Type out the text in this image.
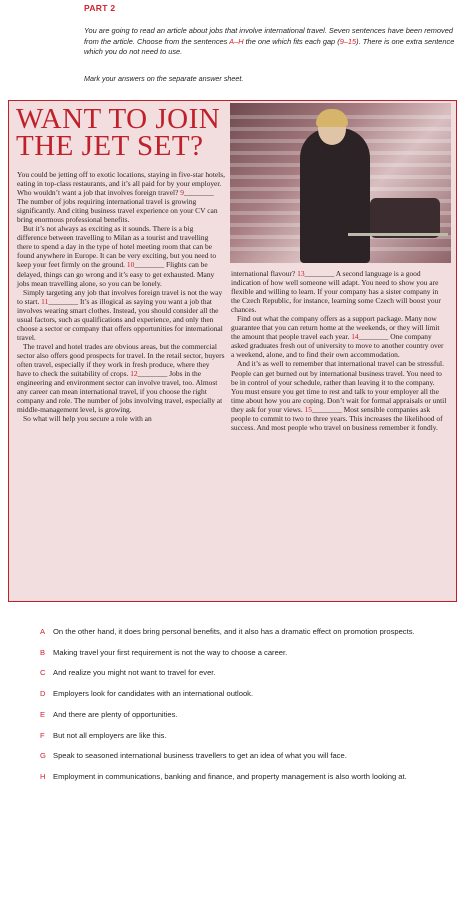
PART 2
You are going to read an article about jobs that involve international travel. Seven sentences have been removed from the article. Choose from the sentences A–H the one which fits each gap (9–15). There is one extra sentence which you do not need to use.
Mark your answers on the separate answer sheet.
WANT TO JOIN THE JET SET?

You could be jetting off to exotic locations, staying in five-star hotels, eating in top-class restaurants, and it’s all paid for by your employer. Who wouldn’t want a job that involves foreign travel? 9________ The number of jobs requiring international travel is growing significantly. And citing business travel experience on your CV can bring enormous professional benefits.

But it’s not always as exciting as it sounds. There is a big difference between travelling to Milan as a tourist and travelling there to spend a day in the type of hotel meeting room that can be found anywhere in Europe. It can be very exciting, but you need to keep your feet firmly on the ground. 10________ Flights can be delayed, things can go wrong and it’s easy to get exhausted. Many jobs mean travelling alone, so you can be lonely.

Simply targeting any job that involves foreign travel is not the way to start. 11________ It’s as illogical as saying you want a job that involves wearing smart clothes. Instead, you should consider all the usual factors, such as qualifications and experience, and only then choose a sector or company that offers opportunities for international travel.

The travel and hotel trades are obvious areas, but the commercial sector also offers good prospects for travel. In the retail sector, buyers often travel, especially if they work in fresh produce, where they have to check the suitability of crops. 12________ Jobs in the engineering and environment sector can involve travel, too. Almost any career can mean international travel, if you choose the right company and role. The number of jobs involving travel, especially at middle-management level, is growing.

So what will help you secure a role with an

international flavour? 13________ A second language is a good indication of how well someone will adapt. You need to show you are flexible and willing to learn. If your company has a sister company in the Czech Republic, for instance, learning some Czech will boost your chances.

Find out what the company offers as a support package. Many now guarantee that you can return home at the weekends, or they will limit the amount that people travel each year. 14________ One company asked graduates fresh out of university to move to another country over a weekend, alone, and to find their own accommodation.

And it’s as well to remember that international travel can be stressful. People can get burned out by international business travel. You need to be in control of your schedule, rather than leaving it to the company. You must ensure you get time to rest and talk to your employer all the time about how you are coping. Don’t wait for formal appraisals or until they ask for your views. 15________ Most sensible companies ask people to commit to two to three years. This increases the likelihood of success. And most people who travel on business remember it fondly.

A	On the other hand, it does bring personal benefits, and it also has a dramatic effect on promotion prospects.
B	Making travel your first requirement is not the way to choose a career.
C And realize you might not want to travel for ever.
D Employers look for candidates with an international outlook.
E	And there are plenty of opportunities.
F	But not all employers are like this.
G Speak to seasoned international business travellers to get an idea of what you will face.
H Employment in communications, banking and finance, and property management is also worth looking at.
